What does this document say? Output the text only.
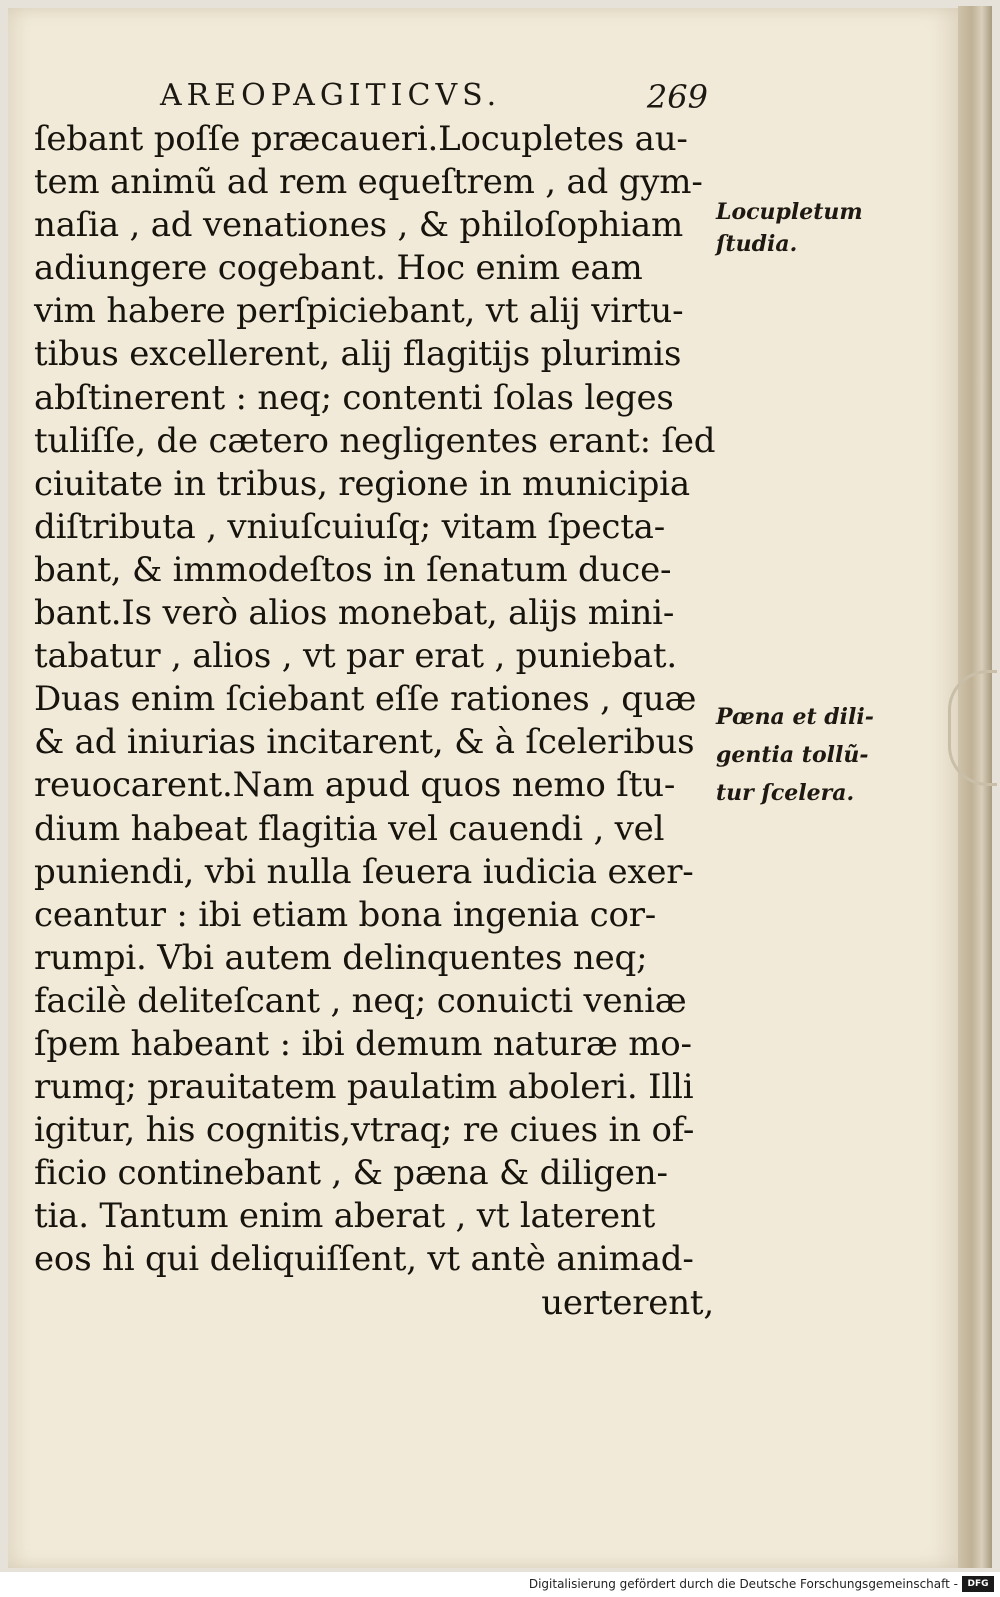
AREOPAGITICVS.	269
ſebant poſſe præcaueri.Locupletes au-
tem animũ ad rem equeſtrem , ad gym-
naſia , ad venationes , & philoſophiam
adiungere cogebant. Hoc enim eam
vim habere perſpiciebant, vt alij virtu-
tibus excellerent, alij flagitijs plurimis
abſtinerent : neq; contenti ſolas leges
tuliſſe, de cætero negligentes erant: ſed
ciuitate in tribus, regione in municipia
diſtributa , vniuſcuiuſq; vitam ſpecta-
bant, & immodeſtos in ſenatum duce-
bant.Is verò alios monebat, alijs mini-
tabatur , alios , vt par erat , puniebat.
Duas enim ſciebant eſſe rationes , quæ
& ad iniurias incitarent, & à ſceleribus
reuocarent.Nam apud quos nemo ſtu-
dium habeat flagitia vel cauendi , vel
puniendi, vbi nulla ſeuera iudicia exer-
ceantur : ibi etiam bona ingenia cor-
rumpi. Vbi autem delinquentes neq;
facilè deliteſcant , neq; conuicti veniæ
ſpem habeant : ibi demum naturæ mo-
rumq; prauitatem paulatim aboleri. Illi
igitur, his cognitis,vtraq; re ciues in of-
ficio continebant , & pæna & diligen-
tia. Tantum enim aberat , vt laterent
eos hi qui deliquiſſent, vt antè animad-
uerterent,
Locupletum
ſtudia.
Pœna et dili-
gentia tollũ-
tur ſcelera.
Digitalisierung gefördert durch die Deutsche Forschungsgemeinschaft -	DFG
